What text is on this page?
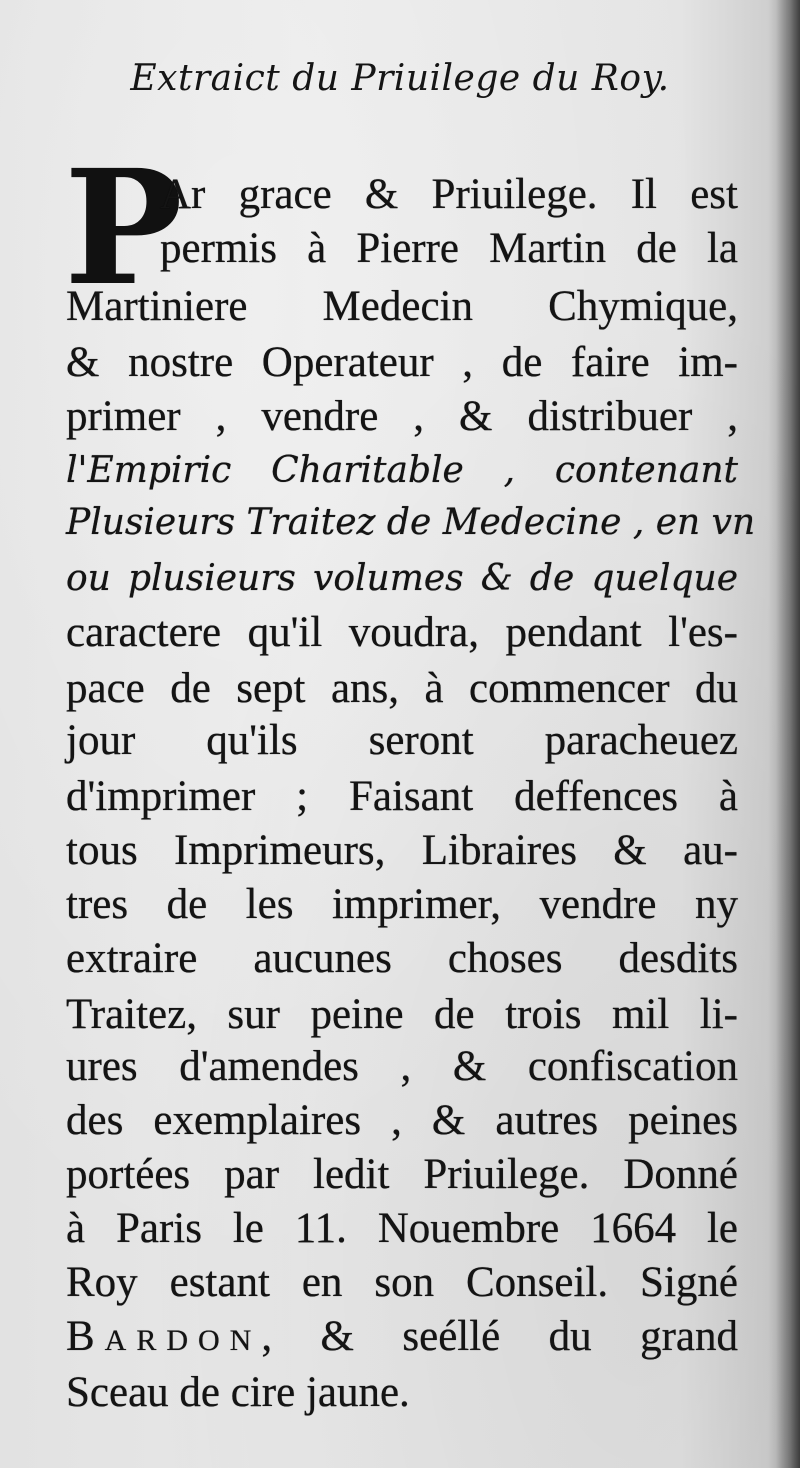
Extraict du Priuilege du Roy.
P
Ar grace & Priuilege. Il est
permis à Pierre Martin de la
Martiniere Medecin Chymique,
& nostre Operateur , de faire im-
primer , vendre , & distribuer ,
l'Empiric Charitable , contenant
Plusieurs Traitez de Medecine , en vn
ou plusieurs volumes & de quelque
caractere qu'il voudra, pendant l'es-
pace de sept ans, à commencer du
jour qu'ils seront paracheuez
d'imprimer ; Faisant deffences à
tous Imprimeurs, Libraires & au-
tres de les imprimer, vendre ny
extraire aucunes choses desdits
Traitez, sur peine de trois mil li-
ures d'amendes , & confiscation
des exemplaires , & autres peines
portées par ledit Priuilege. Donné
à Paris le 11. Nouembre 1664 le
Roy estant en son Conseil. Signé
Bardon, & seéllé du grand
Sceau de cire jaune.
